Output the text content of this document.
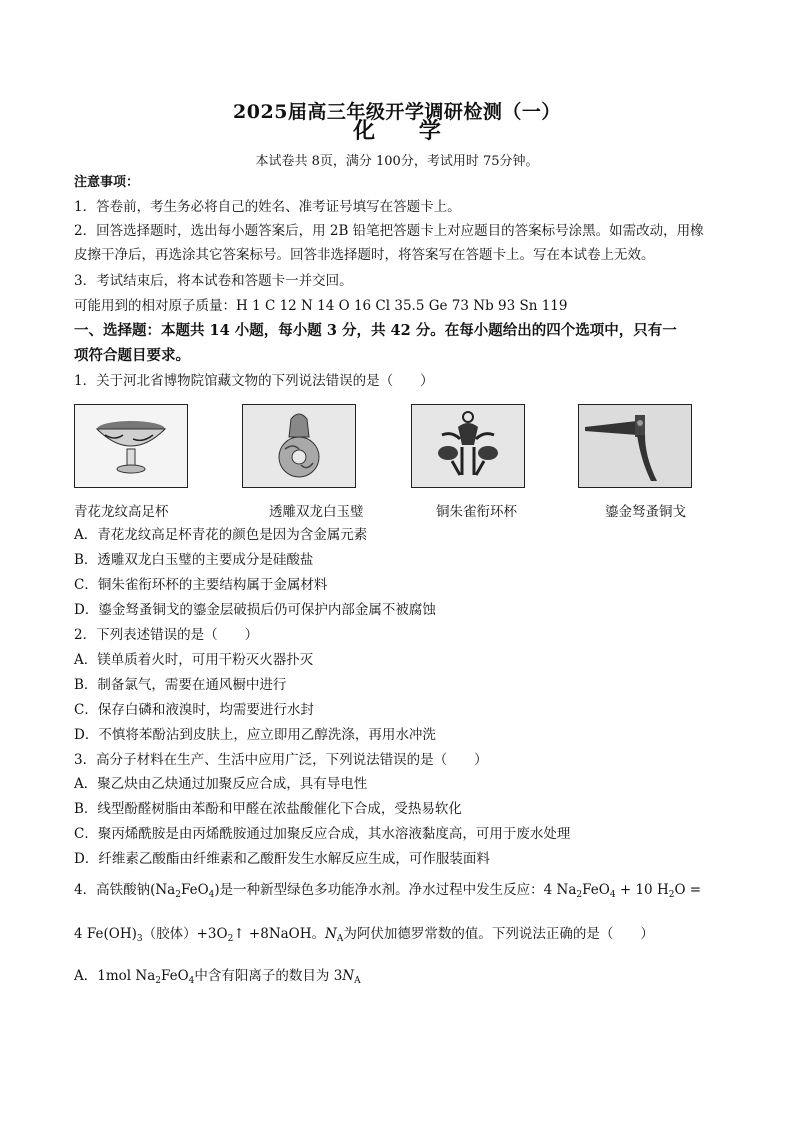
2025届高三年级开学调研检测（一）
化 学
本试卷共 8页，满分 100分，考试用时 75分钟。
注意事项：
1．答卷前，考生务必将自己的姓名、准考证号填写在答题卡上。
2．回答选择题时，选出每小题答案后，用 2B 铅笔把答题卡上对应题目的答案标号涂黑。如需改动，用橡
皮擦干净后，再选涂其它答案标号。回答非选择题时，将答案写在答题卡上。写在本试卷上无效。
3．考试结束后，将本试卷和答题卡一并交回。
可能用到的相对原子质量：H 1 C 12 N 14 O 16 Cl 35.5 Ge 73 Nb 93 Sn 119
一、选择题：本题共 14 小题，每小题 3 分，共 42 分。在每小题给出的四个选项中，只有一
项符合题目要求。
1．关于河北省博物院馆藏文物的下列说法错误的是（　　）
青花龙纹高足杯	透雕双龙白玉璧	铜朱雀衔环杯	鎏金驽蚤铜戈
A．青花龙纹高足杯青花的颜色是因为含金属元素
B．透雕双龙白玉璧的主要成分是硅酸盐
C．铜朱雀衔环杯的主要结构属于金属材料
D．鎏金驽蚤铜戈的鎏金层破损后仍可保护内部金属不被腐蚀
2．下列表述错误的是（　　）
A．镁单质着火时，可用干粉灭火器扑灭
B．制备氯气，需要在通风橱中进行
C．保存白磷和液溴时，均需要进行水封
D．不慎将苯酚沾到皮肤上，应立即用乙醇洗涤，再用水冲洗
3．高分子材料在生产、生活中应用广泛，下列说法错误的是（　　）
A．聚乙炔由乙炔通过加聚反应合成，具有导电性
B．线型酚醛树脂由苯酚和甲醛在浓盐酸催化下合成，受热易软化
C．聚丙烯酰胺是由丙烯酰胺通过加聚反应合成，其水溶液黏度高，可用于废水处理
D．纤维素乙酸酯由纤维素和乙酸酐发生水解反应生成，可作服装面料
4．高铁酸钠$(Na_2FeO_4)$是一种新型绿色多功能净水剂。净水过程中发生反应：4 $Na_2FeO_4 + 10$ $H_2O$ =
4 $Fe(OH)_3$（胶体）$+3O_2↑$ +8NaOH。$N_A$为阿伏加德罗常数的值。下列说法正确的是（　　）
A．1mol $Na_2FeO_4$中含有阳离子的数目为 $3N_A$
